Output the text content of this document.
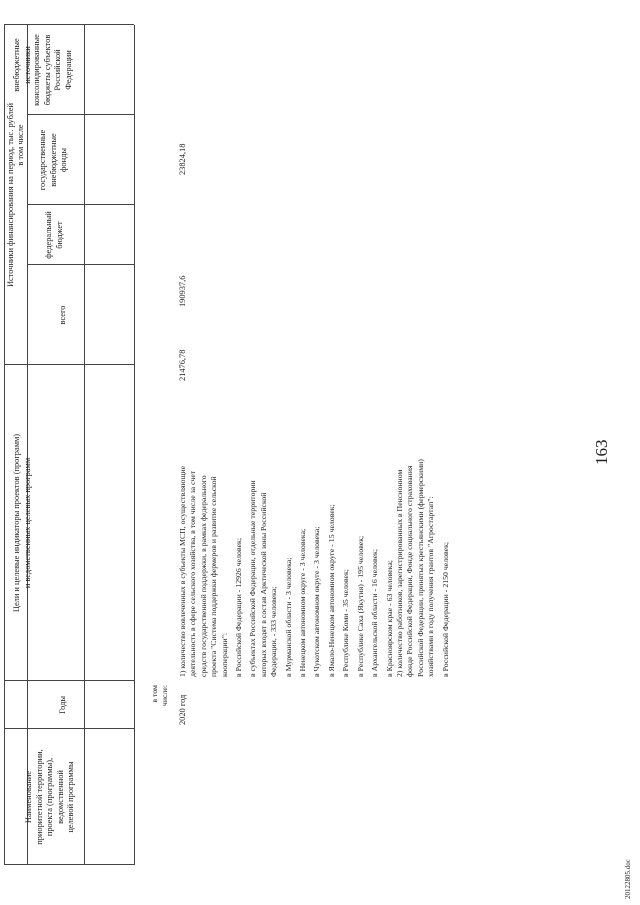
163
Наименование приоритетной территории, проекта (программы), ведомственной целевой программы
Годы
Цели и целевые индикаторы проектов (программ) и ведомственных целевых программ
Источники финансирования на период, тыс. рублей в том числе
всего
федеральный бюджет
государственные внебюджетные фонды
консолидированные бюджеты субъектов Российской Федерации
внебюджетные источники
в том числе: 2020 год
1) количество вовлеченных в субъекты МСП, осуществляющие деятельность в сфере сельского хозяйства, в том числе за счет средств государственной поддержки, в рамках федерального проекта "Система поддержки фермеров и развитие сельской кооперации": в Российской Федерации - 12926 человек; в субъектах Российской Федерации, отдельные территории которых входят в состав Арктической зоны Российской Федерации, - 333 человека; в Мурманской области - 3 человека; в Ненецком автономном округе - 3 человека; в Чукотском автономном округе - 3 человека; в Ямало-Ненецком автономном округе - 15 человек; в Республике Коми - 35 человек; в Республике Саха (Якутия) - 195 человек; в Архангельской области - 16 человек; в Красноярском крае - 63 человека; 2) количество работников, зарегистрированных в Пенсионном фонде Российской Федерации, Фонде социального страхования Российской Федерации, принятых крестьянскими (фермерскими) хозяйствами в году получения грантов "Агростартап": в Российской Федерации - 2150 человек;
21476,78
190937,6
23824,18
20122805.doc
